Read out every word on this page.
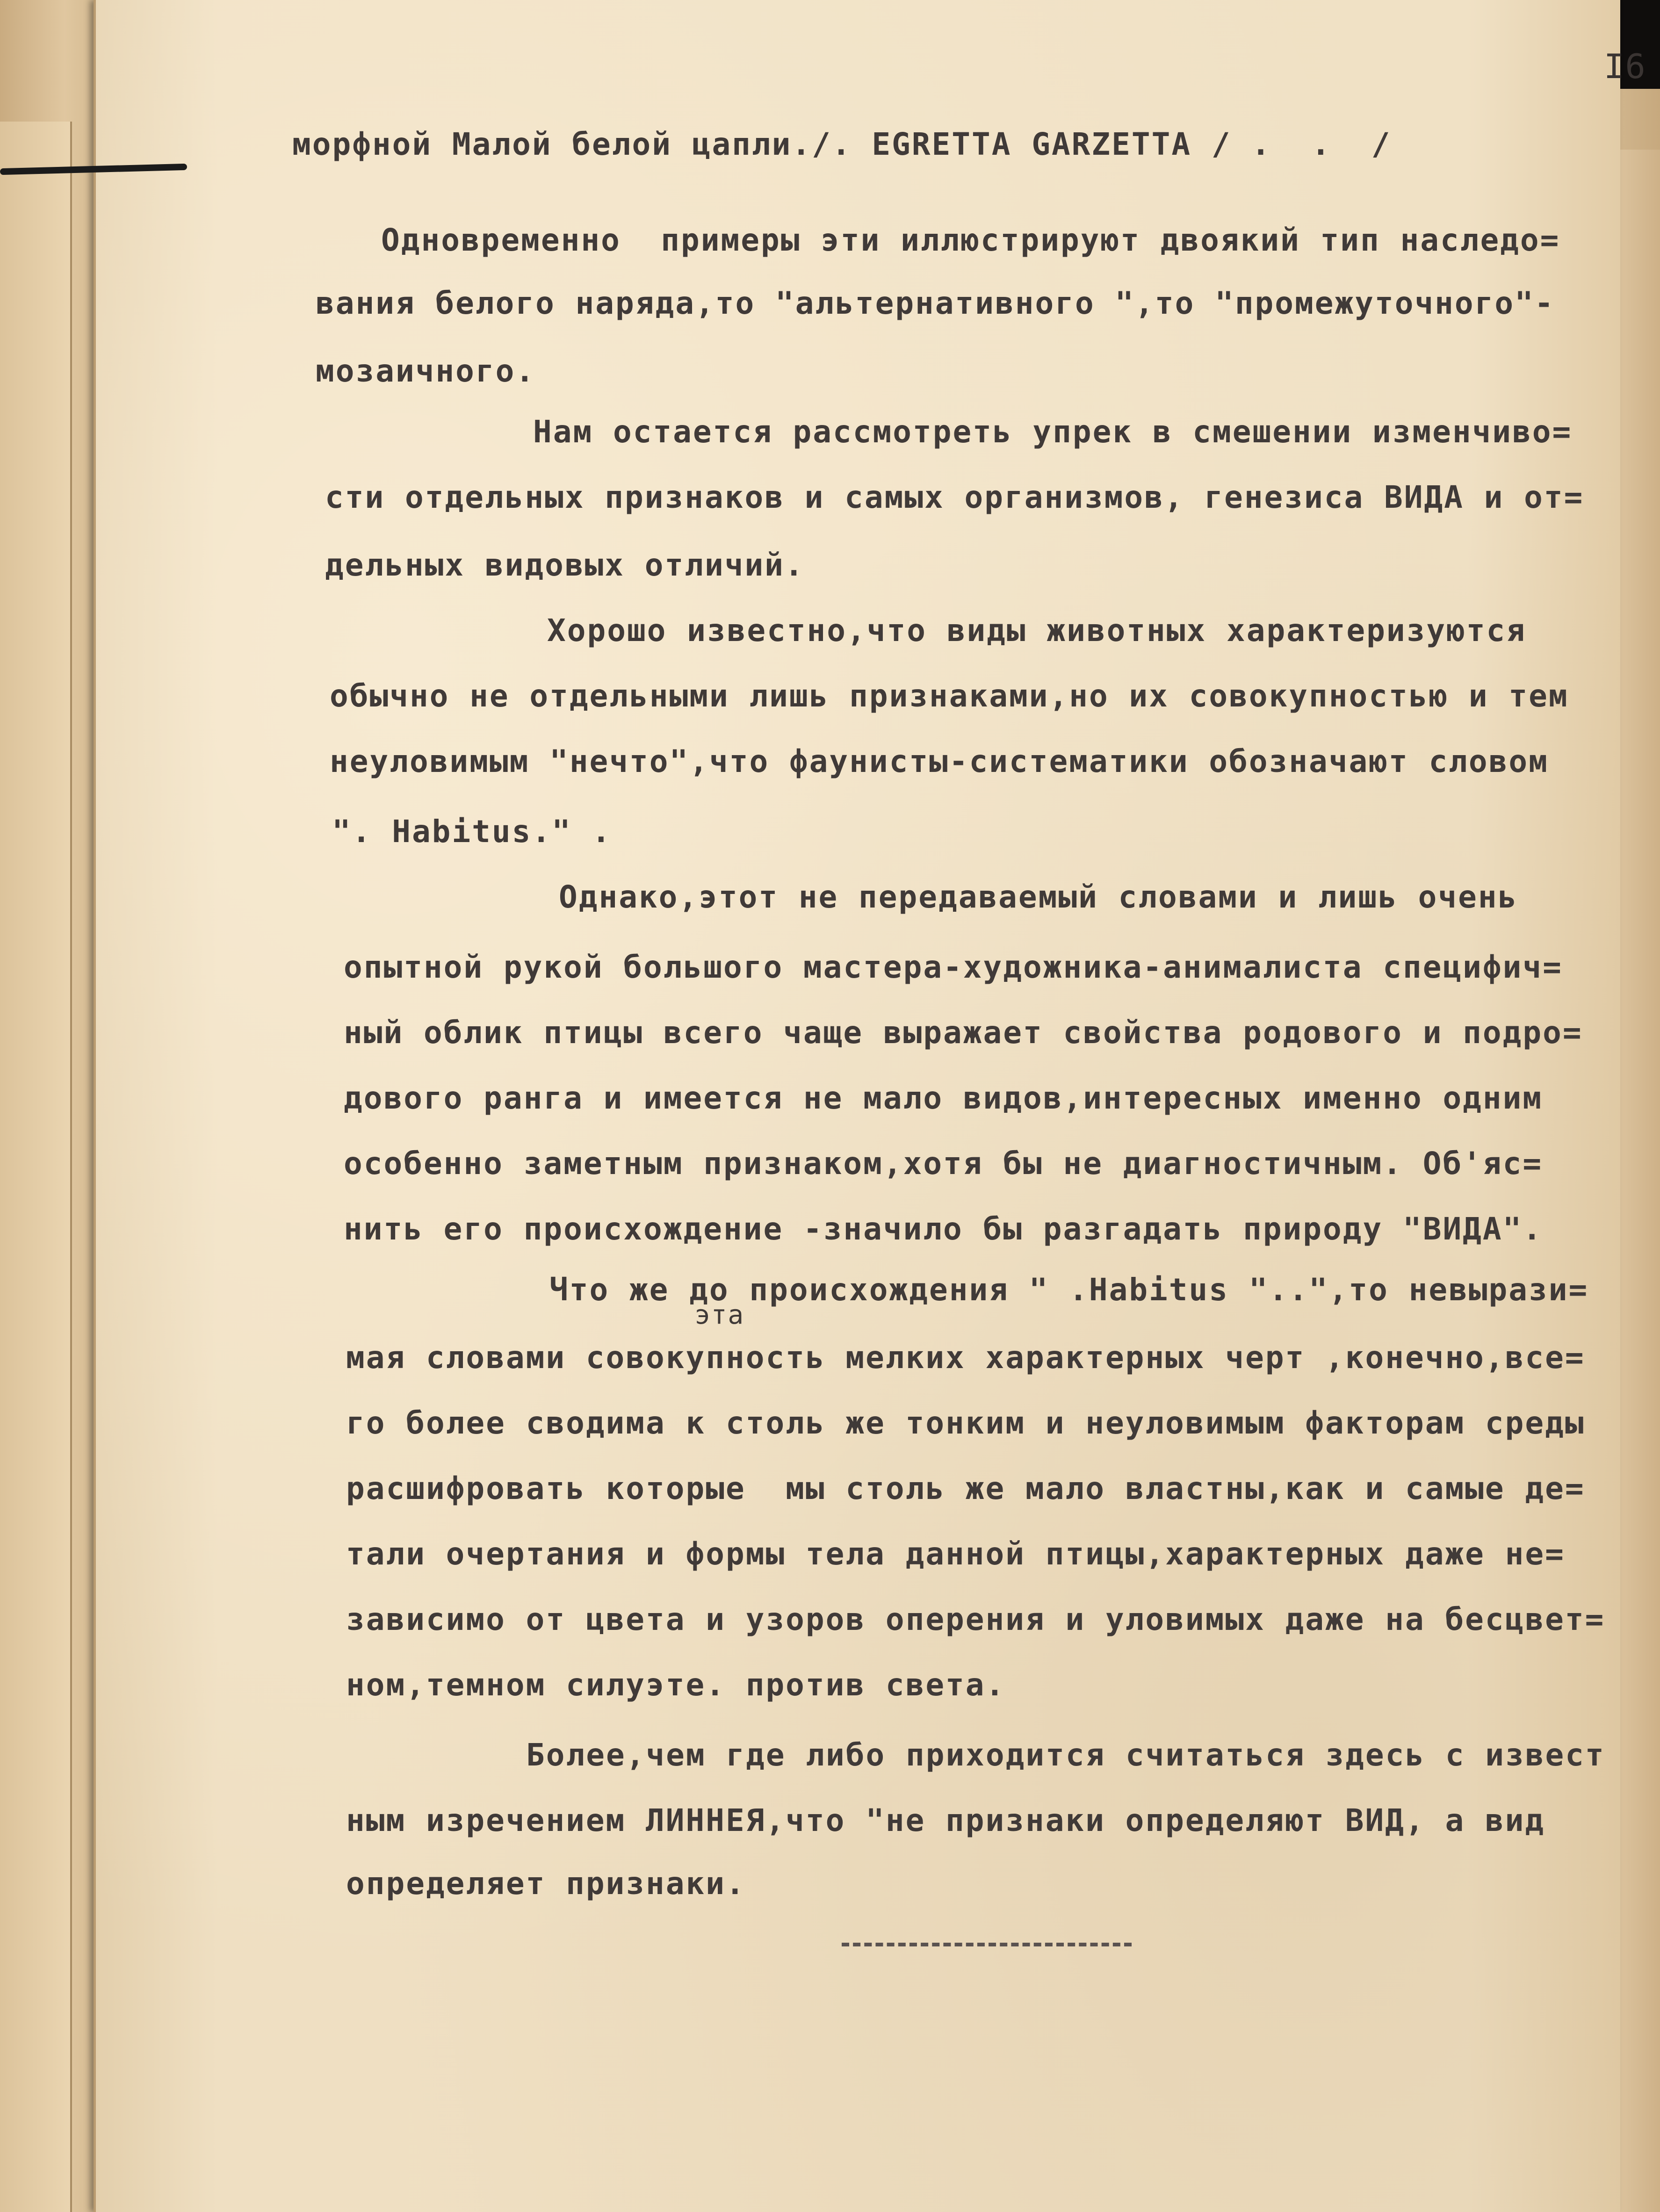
I6
морфной Малой белой цапли./. EGRETTA GARZETTA / .  .  /
Одновременно  примеры эти иллюстрируют двоякий тип наследо=
вания белого наряда,то "альтернативного ",то "промежуточного"-
мозаичного.
Нам остается рассмотреть упрек в смешении изменчиво=
сти отдельных признаков и самых организмов, генезиса ВИДА и от=
дельных видовых отличий.
Хорошо известно,что виды животных характеризуются
обычно не отдельными лишь признаками,но их совокупностью и тем
неуловимым "нечто",что фаунисты-систематики обозначают словом
". Habitus." .
Однако,этот не передаваемый словами и лишь очень
опытной рукой большого мастера-художника-анималиста специфич=
ный облик птицы всего чаще выражает свойства родового и подро=
дового ранга и имеется не мало видов,интересных именно одним
особенно заметным признаком,хотя бы не диагностичным. Об'яс=
нить его происхождение -значило бы разгадать природу "ВИДА".
Что же до происхождения " .Habitus "..",то невырази=
эта
мая словами совокупность мелких характерных черт ,конечно,все=
го более сводима к столь же тонким и неуловимым факторам среды
расшифровать которые  мы столь же мало властны,как и самые де=
тали очертания и формы тела данной птицы,характерных даже не=
зависимо от цвета и узоров оперения и уловимых даже на бесцвет=
ном,темном силуэте. против света.
Более,чем где либо приходится считаться здесь с извест
ным изречением ЛИННЕЯ,что "не признаки определяют ВИД, а вид
определяет признаки.
